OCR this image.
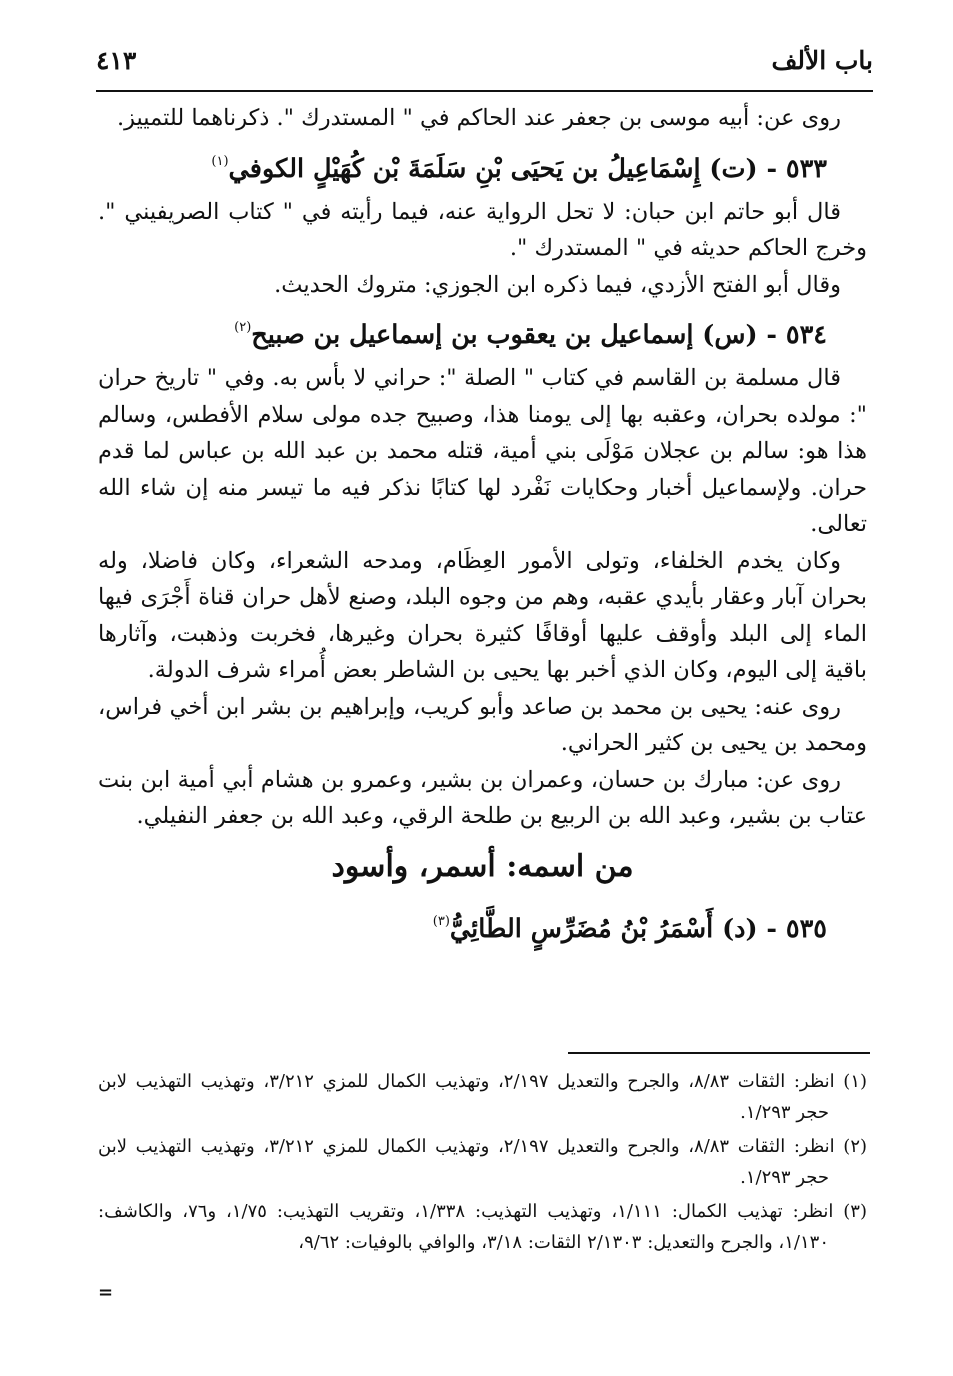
باب الألف
٤١٣

روى عن: أبيه موسى بن جعفر عند الحاكم في " المستدرك ". ذكرناهما للتمييز.

٥٣٣ - (ت) إِسْمَاعِيلُ بن يَحيَى بْنِ سَلَمَةَ بْن كُهَيْلٍ الكوفي$^{(١)}$

قال أبو حاتم ابن حبان: لا تحل الرواية عنه، فيما رأيته في " كتاب الصريفيني ". وخرج الحاكم حديثه في " المستدرك ".

وقال أبو الفتح الأزدي، فيما ذكره ابن الجوزي: متروك الحديث.

٥٣٤ - (س) إسماعيل بن يعقوب بن إسماعيل بن صبيح$^{(٢)}$

قال مسلمة بن القاسم في كتاب " الصلة ": حراني لا بأس به. وفي " تاريخ حران ": مولده بحران، وعقبه بها إلى يومنا هذا، وصبيح جده مولى سلام الأفطس، وسالم هذا هو: سالم بن عجلان مَوْلَى بني أمية، قتله محمد بن عبد الله بن عباس لما قدم حران. ولإسماعيل أخبار وحكايات نَفْرد لها كتابًا نذكر فيه ما تيسر منه إن شاء الله تعالى.

وكان يخدم الخلفاء، وتولى الأمور العِظَام، ومدحه الشعراء، وكان فاضلا، وله بحران آبار وعقار بأيدي عقبه، وهم من وجوه البلد، وصنع لأهل حران قناة أَجْرَى فيها الماء إلى البلد وأوقف عليها أوقافًا كثيرة بحران وغيرها، فخربت وذهبت، وآثارها باقية إلى اليوم، وكان الذي أخبر بها يحيى بن الشاطر بعض أُمراء شرف الدولة.

روى عنه: يحيى بن محمد بن صاعد وأبو كريب، وإبراهيم بن بشر ابن أخي فراس، ومحمد بن يحيى بن كثير الحراني.

روى عن: مبارك بن حسان، وعمران بن بشير، وعمرو بن هشام أبي أمية ابن بنت عتاب بن بشير، وعبد الله بن الربيع بن طلحة الرقي، وعبد الله بن جعفر النفيلي.

من اسمه: أسمر، وأسود

٥٣٥ - (د) أَسْمَرُ بْنُ مُضَرِّسٍ الطَّائِيُّ$^{(٣)}$

(١) انظر: الثقات ٨/٨٣، والجرح والتعديل ٢/١٩٧، وتهذيب الكمال للمزي ٣/٢١٢، وتهذيب التهذيب لابن حجر ١/٢٩٣.

(٢) انظر: الثقات ٨/٨٣، والجرح والتعديل ٢/١٩٧، وتهذيب الكمال للمزي ٣/٢١٢، وتهذيب التهذيب لابن حجر ١/٢٩٣.

(٣) انظر: تهذيب الكمال: ١/١١١، وتهذيب التهذيب: ١/٣٣٨، وتقريب التهذيب: ١/٧٥، و٧٦، والكاشف: ١/١٣٠، والجرح والتعديل: ٢/١٣٠٣ الثقات: ٣/١٨، والوافي بالوفيات: ٩/٦٢،

=
